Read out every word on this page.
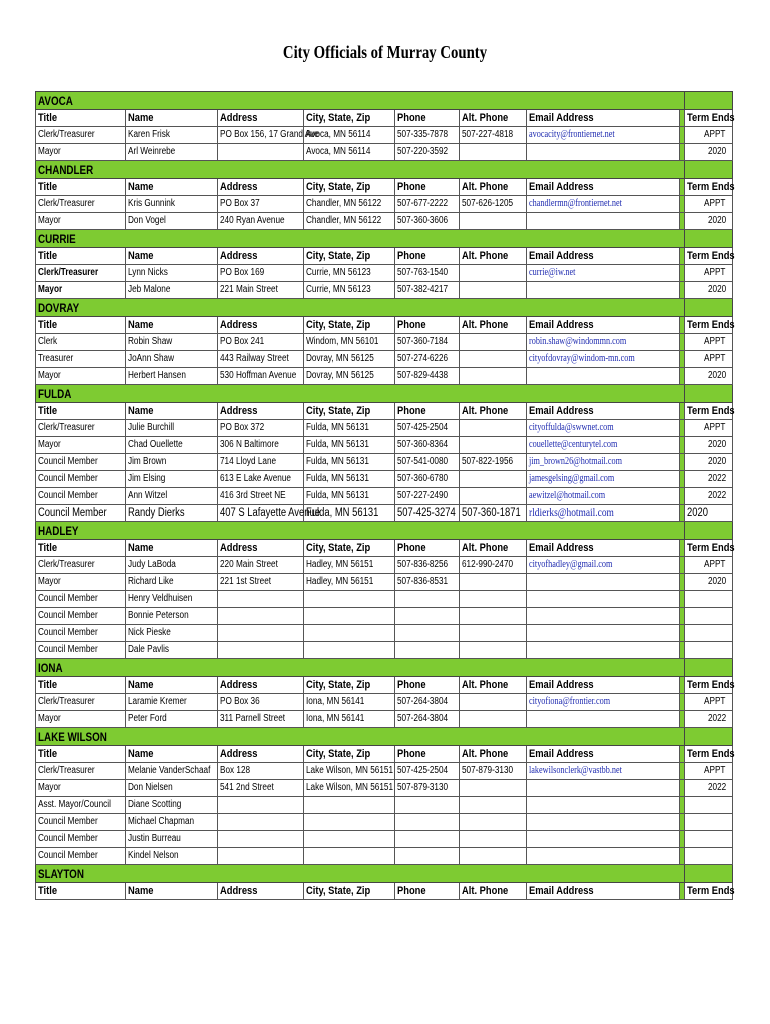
City Officials of Murray County
AVOCA								
Title	Name	Address	City, State, Zip	Phone	Alt. Phone	Email Address		Term Ends
Clerk/Treasurer	Karen Frisk	PO Box 156, 17 Grand Ave	Avoca, MN 56114	507-335-7878	507-227-4818	avocacity@frontiernet.net		APPT
Mayor	Arl Weinrebe		Avoca, MN 56114	507-220-3592				2020
CHANDLER								
Title	Name	Address	City, State, Zip	Phone	Alt. Phone	Email Address		Term Ends
Clerk/Treasurer	Kris Gunnink	PO Box 37	Chandler, MN 56122	507-677-2222	507-626-1205	chandlermn@frontiernet.net		APPT
Mayor	Don Vogel	240 Ryan Avenue	Chandler, MN 56122	507-360-3606				2020
CURRIE								
Title	Name	Address	City, State, Zip	Phone	Alt. Phone	Email Address		Term Ends
Clerk/Treasurer	Lynn Nicks	PO Box 169	Currie, MN 56123	507-763-1540		currie@iw.net		APPT
Mayor	Jeb Malone	221 Main Street	Currie, MN 56123	507-382-4217				2020
DOVRAY								
Title	Name	Address	City, State, Zip	Phone	Alt. Phone	Email Address		Term Ends
Clerk	Robin Shaw	PO Box 241	Windom, MN 56101	507-360-7184		robin.shaw@windommn.com		APPT
Treasurer	JoAnn Shaw	443 Railway Street	Dovray, MN 56125	507-274-6226		cityofdovray@windom-mn.com		APPT
Mayor	Herbert Hansen	530 Hoffman Avenue	Dovray, MN 56125	507-829-4438				2020
FULDA								
Title	Name	Address	City, State, Zip	Phone	Alt. Phone	Email Address		Term Ends
Clerk/Treasurer	Julie Burchill	PO Box 372	Fulda, MN 56131	507-425-2504		cityoffulda@swwnet.com		APPT
Mayor	Chad Ouellette	306 N Baltimore	Fulda, MN 56131	507-360-8364		couellette@centurytel.com		2020
Council Member	Jim Brown	714 Lloyd Lane	Fulda, MN 56131	507-541-0080	507-822-1956	jim_brown26@hotmail.com		2020
Council Member	Jim Elsing	613 E Lake Avenue	Fulda, MN 56131	507-360-6780		jamesgelsing@gmail.com		2022
Council Member	Ann Witzel	416 3rd Street NE	Fulda, MN 56131	507-227-2490		aewitzel@hotmail.com		2022
Council Member	Randy Dierks	407 S Lafayette Avenue	Fulda, MN 56131	507-425-3274	507-360-1871	rldierks@hotmail.com		2020
HADLEY								
Title	Name	Address	City, State, Zip	Phone	Alt. Phone	Email Address		Term Ends
Clerk/Treasurer	Judy LaBoda	220 Main Street	Hadley, MN 56151	507-836-8256	612-990-2470	cityofhadley@gmail.com		APPT
Mayor	Richard Like	221 1st Street	Hadley, MN 56151	507-836-8531				2020
Council Member	Henry Veldhuisen							
Council Member	Bonnie Peterson							
Council Member	Nick Pieske							
Council Member	Dale Pavlis							
IONA								
Title	Name	Address	City, State, Zip	Phone	Alt. Phone	Email Address		Term Ends
Clerk/Treasurer	Laramie Kremer	PO Box 36	Iona, MN 56141	507-264-3804		cityofiona@frontier.com		APPT
Mayor	Peter Ford	311 Parnell Street	Iona, MN 56141	507-264-3804				2022
LAKE WILSON								
Title	Name	Address	City, State, Zip	Phone	Alt. Phone	Email Address		Term Ends
Clerk/Treasurer	Melanie VanderSchaaf	Box 128	Lake Wilson, MN 56151	507-425-2504	507-879-3130	lakewilsonclerk@vastbb.net		APPT
Mayor	Don Nielsen	541 2nd Street	Lake Wilson, MN 56151	507-879-3130				2022
Asst. Mayor/Council	Diane Scotting							
Council Member	Michael Chapman							
Council Member	Justin Burreau							
Council Member	Kindel Nelson							
SLAYTON								
Title	Name	Address	City, State, Zip	Phone	Alt. Phone	Email Address		Term Ends
